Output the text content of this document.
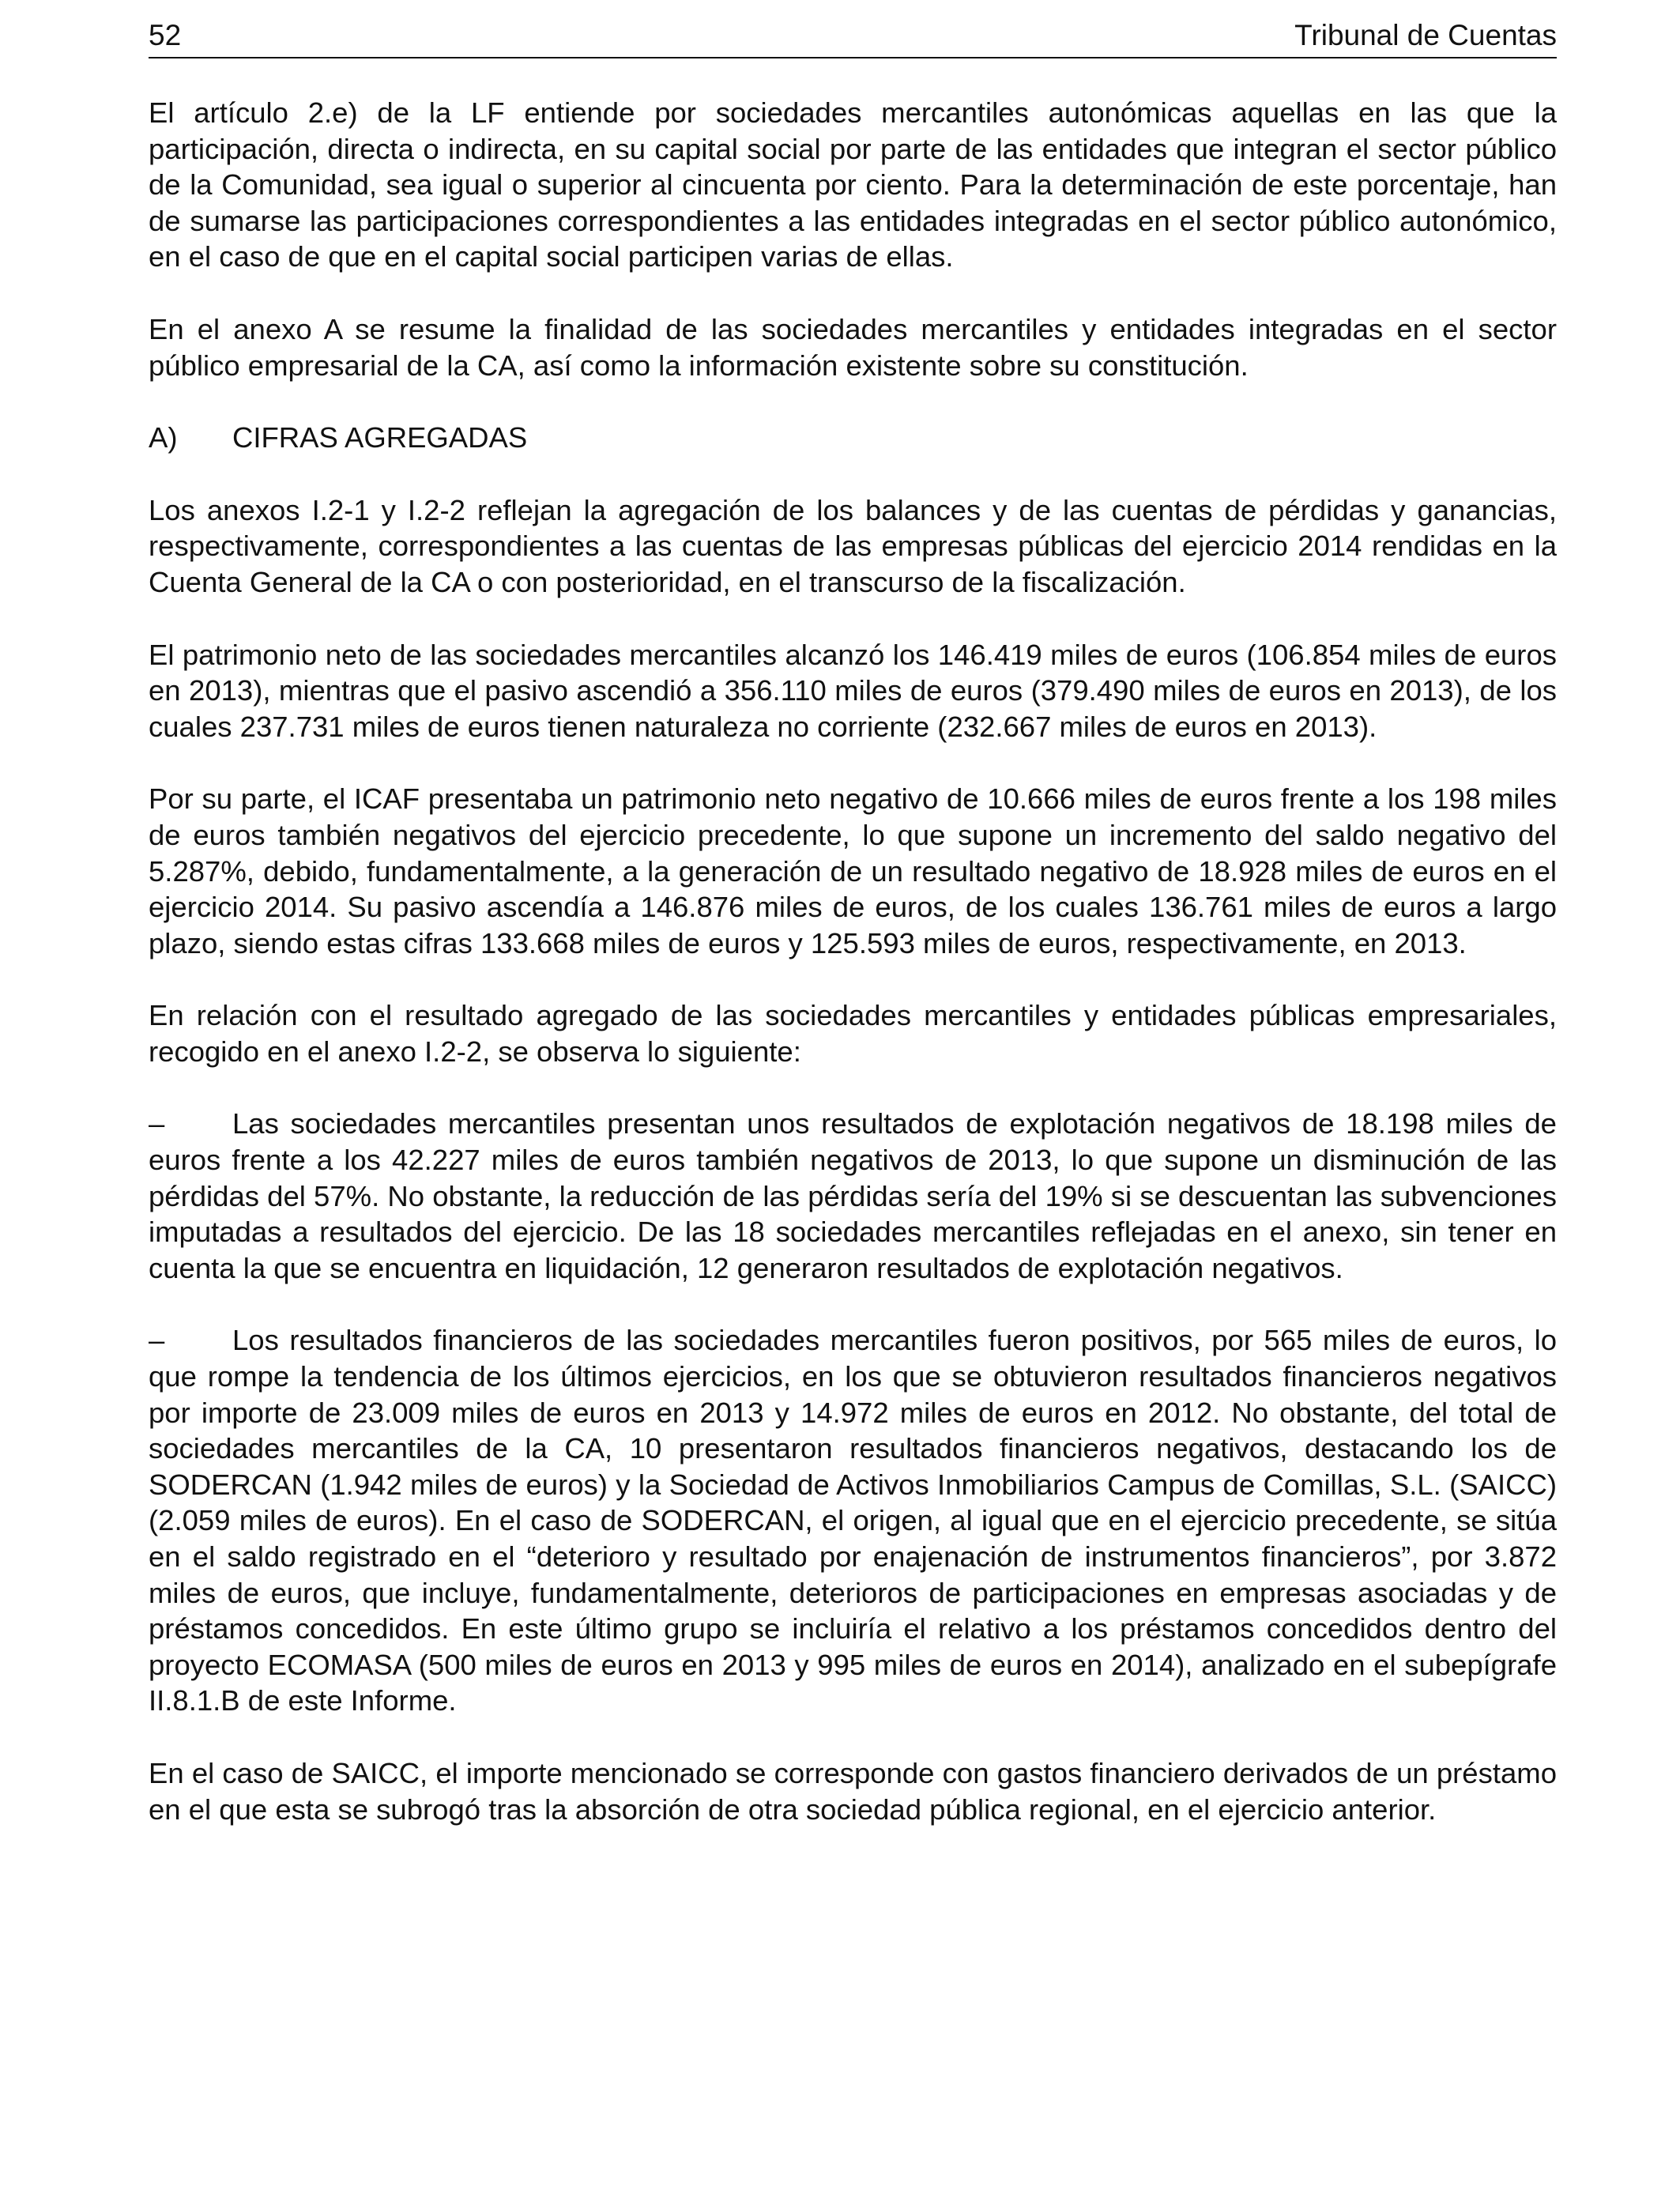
52	Tribunal de Cuentas

El artículo 2.e) de la LF entiende por sociedades mercantiles autonómicas aquellas en las que la participación, directa o indirecta, en su capital social por parte de las entidades que integran el sector público de la Comunidad, sea igual o superior al cincuenta por ciento. Para la determinación de este porcentaje, han de sumarse las participaciones correspondientes a las entidades integradas en el sector público autonómico, en el caso de que en el capital social participen varias de ellas.

En el anexo A se resume la finalidad de las sociedades mercantiles y entidades integradas en el sector público empresarial de la CA, así como la información existente sobre su constitución.

A) CIFRAS AGREGADAS

Los anexos I.2-1 y I.2-2 reflejan la agregación de los balances y de las cuentas de pérdidas y ganancias, respectivamente, correspondientes a las cuentas de las empresas públicas del ejercicio 2014 rendidas en la Cuenta General de la CA o con posterioridad, en el transcurso de la fiscalización.

El patrimonio neto de las sociedades mercantiles alcanzó los 146.419 miles de euros (106.854 miles de euros en 2013), mientras que el pasivo ascendió a 356.110 miles de euros (379.490 miles de euros en 2013), de los cuales 237.731 miles de euros tienen naturaleza no corriente (232.667 miles de euros en 2013).

Por su parte, el ICAF presentaba un patrimonio neto negativo de 10.666 miles de euros frente a los 198 miles de euros también negativos del ejercicio precedente, lo que supone un incremento del saldo negativo del 5.287%, debido, fundamentalmente, a la generación de un resultado negativo de 18.928 miles de euros en el ejercicio 2014. Su pasivo ascendía a 146.876 miles de euros, de los cuales 136.761 miles de euros a largo plazo, siendo estas cifras 133.668 miles de euros y 125.593 miles de euros, respectivamente, en 2013.

En relación con el resultado agregado de las sociedades mercantiles y entidades públicas empresariales, recogido en el anexo I.2-2, se observa lo siguiente:

– Las sociedades mercantiles presentan unos resultados de explotación negativos de 18.198 miles de euros frente a los 42.227 miles de euros también negativos de 2013, lo que supone un disminución de las pérdidas del 57%. No obstante, la reducción de las pérdidas sería del 19% si se descuentan las subvenciones imputadas a resultados del ejercicio. De las 18 sociedades mercantiles reflejadas en el anexo, sin tener en cuenta la que se encuentra en liquidación, 12 generaron resultados de explotación negativos.

– Los resultados financieros de las sociedades mercantiles fueron positivos, por 565 miles de euros, lo que rompe la tendencia de los últimos ejercicios, en los que se obtuvieron resultados financieros negativos por importe de 23.009 miles de euros en 2013 y 14.972 miles de euros en 2012. No obstante, del total de sociedades mercantiles de la CA, 10 presentaron resultados financieros negativos, destacando los de SODERCAN (1.942 miles de euros) y la Sociedad de Activos Inmobiliarios Campus de Comillas, S.L. (SAICC) (2.059 miles de euros). En el caso de SODERCAN, el origen, al igual que en el ejercicio precedente, se sitúa en el saldo registrado en el “deterioro y resultado por enajenación de instrumentos financieros”, por 3.872 miles de euros, que incluye, fundamentalmente, deterioros de participaciones en empresas asociadas y de préstamos concedidos. En este último grupo se incluiría el relativo a los préstamos concedidos dentro del proyecto ECOMASA (500 miles de euros en 2013 y 995 miles de euros en 2014), analizado en el subepígrafe II.8.1.B de este Informe.

En el caso de SAICC, el importe mencionado se corresponde con gastos financiero derivados de un préstamo en el que esta se subrogó tras la absorción de otra sociedad pública regional, en el ejercicio anterior.
